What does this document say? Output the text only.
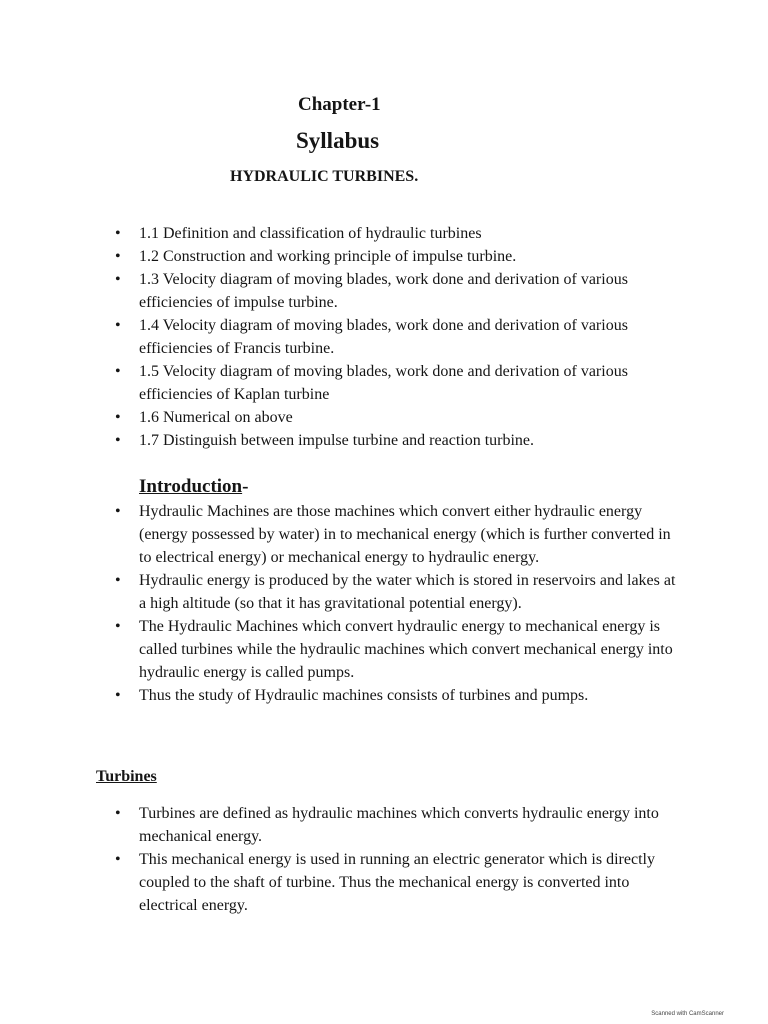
Chapter-1
Syllabus
HYDRAULIC TURBINES.
• 1.1 Definition and classification of hydraulic turbines
• 1.2 Construction and working principle of impulse turbine.
• 1.3 Velocity diagram of moving blades, work done and derivation of various efficiencies of impulse turbine.
• 1.4 Velocity diagram of moving blades, work done and derivation of various efficiencies of Francis turbine.
• 1.5 Velocity diagram of moving blades, work done and derivation of various efficiencies of Kaplan turbine
• 1.6 Numerical on above
• 1.7 Distinguish between impulse turbine and reaction turbine.
Introduction-
• Hydraulic Machines are those machines which convert either hydraulic energy (energy possessed by water) in to mechanical energy (which is further converted in to electrical energy) or mechanical energy to hydraulic energy.
• Hydraulic energy is produced by the water which is stored in reservoirs and lakes at a high altitude (so that it has gravitational potential energy).
• The Hydraulic Machines which convert hydraulic energy to mechanical energy is called turbines while the hydraulic machines which convert mechanical energy into hydraulic energy is called pumps.
• Thus the study of Hydraulic machines consists of turbines and pumps.
Turbines
• Turbines are defined as hydraulic machines which converts hydraulic energy into mechanical energy.
• This mechanical energy is used in running an electric generator which is directly coupled to the shaft of turbine. Thus the mechanical energy is converted into electrical energy.
Scanned with CamScanner
